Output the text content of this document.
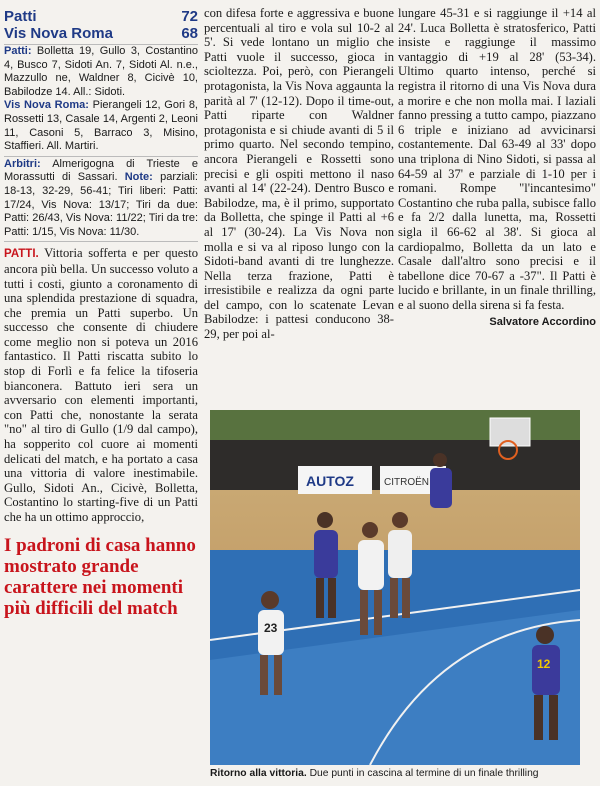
Patti	72
Vis Nova Roma	68

Patti: Bolletta 19, Gullo 3, Costantino 4, Busco 7, Sidoti An. 7, Sidoti Al. n.e., Mazzullo ne, Waldner 8, Cicivè 10, Babilodze 14. All.: Sidoti.

Vis Nova Roma: Pierangeli 12, Gori 8, Rossetti 13, Casale 14, Argenti 2, Leoni 11, Casoni 5, Barraco 3, Misino, Staffieri. All. Martiri.

Arbitri: Almerigogna di Trieste e Morassutti di Sassari. Note: parziali: 18-13, 32-29, 56-41; Tiri liberi: Patti: 17/24, Vis Nova: 13/17; Tiri da due: Patti: 26/43, Vis Nova: 11/22; Tiri da tre: Patti: 1/15, Vis Nova: 11/30.

PATTI. Vittoria sofferta e per questo ancora più bella. Un successo voluto a tutti i costi, giunto a coronamento di una splendida prestazione di squadra, che premia un Patti superbo. Un successo che consente di chiudere come meglio non si poteva un 2016 fantastico. Il Patti riscatta subito lo stop di Forlì e fa felice la tifoseria bianconera. Battuto ieri sera un avversario con elementi importanti, con Patti che, nonostante la serata "no" al tiro di Gullo (1/9 dal campo), ha sopperito col cuore ai momenti delicati del match, e ha portato a casa una vittoria di valore inestimabile. Gullo, Sidoti An., Cicivè, Bolletta, Costantino lo starting-five di un Patti che ha un ottimo approccio,

I padroni di casa hanno mostrato grande carattere nei momenti più difficili del match

con difesa forte e aggressiva e buone percentuali al tiro e vola sul 10-2 al 5'. Si vede lontano un miglio che Patti vuole il successo, gioca in scioltezza. Poi, però, con Pierangeli protagonista, la Vis Nova aggaunta la parità al 7' (12-12). Dopo il time-out, Patti riparte con Waldner protagonista e si chiude avanti di 5 il primo quarto. Nel secondo tempino, ancora Pierangeli e Rossetti sono precisi e gli ospiti mettono il naso avanti al 14' (22-24). Dentro Busco e Babilodze, ma, è il primo, supportato da Bolletta, che spinge il Patti al +6 al 17' (30-24). La Vis Nova non molla e si va al riposo lungo con la Sidoti-band avanti di tre lunghezze. Nella terza frazione, Patti è irresistibile e realizza da ogni parte del campo, con lo scatenate Levan Babilodze: i pattesi conducono 38-29, per poi al-

lungare 45-31 e si raggiunge il +14 al 24'. Luca Bolletta è stratosferico, Patti insiste e raggiunge il massimo vantaggio di +19 al 28' (53-34). Ultimo quarto intenso, perché si registra il ritorno di una Vis Nova dura a morire e che non molla mai. I laziali fanno pressing a tutto campo, piazzano 6 triple e iniziano ad avvicinarsi costantemente. Dal 63-49 al 33' dopo una triplona di Nino Sidoti, si passa al 64-59 al 37' e parziale di 1-10 per i romani. Rompe "l'incantesimo" Costantino che ruba palla, subisce fallo e fa 2/2 dalla lunetta, ma, Rossetti sigla il 66-62 al 38'. Si gioca al cardiopalmo, Bolletta da un lato e Casale dall'altro sono precisi e il tabellone dice 70-67 a -37". Il Patti è lucido e brillante, in un finale thrilling, e al suono della sirena si fa festa.

Salvatore Accordino
AUTOZ	CITROËN
23
12
Ritorno alla vittoria. Due punti in cascina al termine di un finale thrilling
